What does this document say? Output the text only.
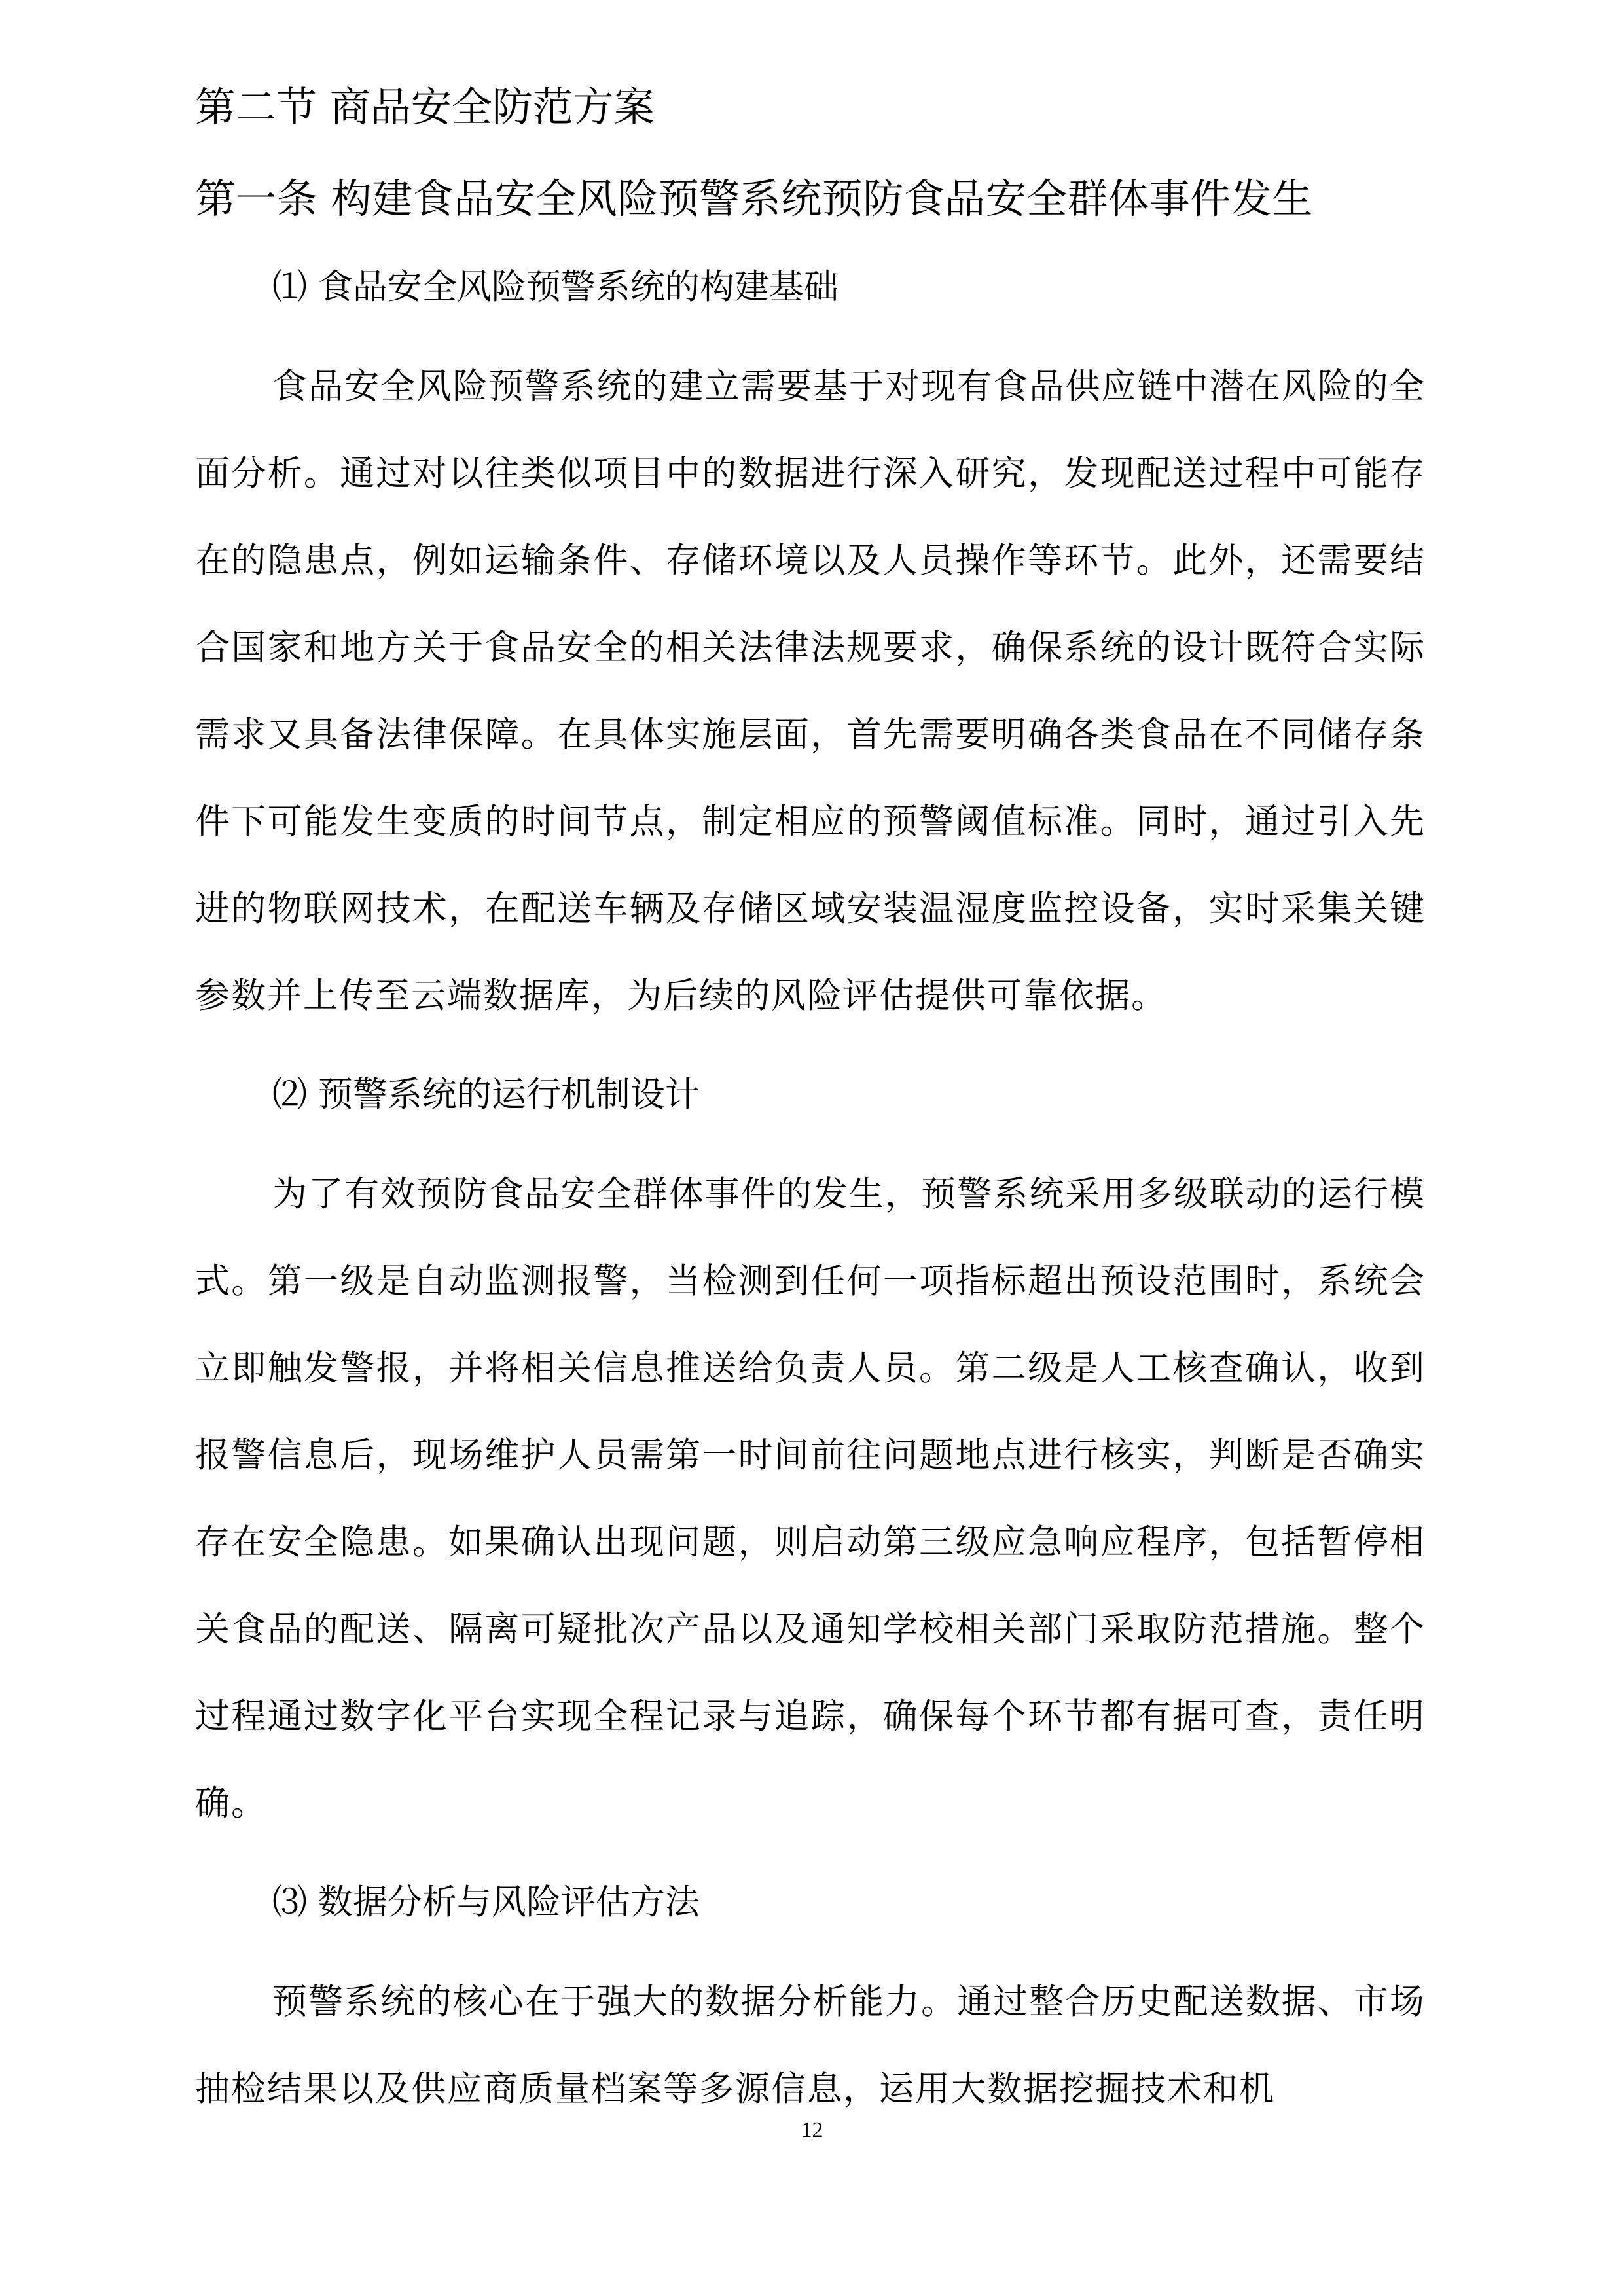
第二节 商品安全防范方案
第一条 构建食品安全风险预警系统预防食品安全群体事件发生
⑴ 食品安全风险预警系统的构建基础

食品安全风险预警系统的建立需要基于对现有食品供应链中潜在风险的全面分析。通过对以往类似项目中的数据进行深入研究，发现配送过程中可能存在的隐患点，例如运输条件、存储环境以及人员操作等环节。此外，还需要结合国家和地方关于食品安全的相关法律法规要求，确保系统的设计既符合实际需求又具备法律保障。在具体实施层面，首先需要明确各类食品在不同储存条件下可能发生变质的时间节点，制定相应的预警阈值标准。同时，通过引入先进的物联网技术，在配送车辆及存储区域安装温湿度监控设备，实时采集关键参数并上传至云端数据库，为后续的风险评估提供可靠依据。

⑵ 预警系统的运行机制设计

为了有效预防食品安全群体事件的发生，预警系统采用多级联动的运行模式。第一级是自动监测报警，当检测到任何一项指标超出预设范围时，系统会立即触发警报，并将相关信息推送给负责人员。第二级是人工核查确认，收到报警信息后，现场维护人员需第一时间前往问题地点进行核实，判断是否确实存在安全隐患。如果确认出现问题，则启动第三级应急响应程序，包括暂停相关食品的配送、隔离可疑批次产品以及通知学校相关部门采取防范措施。整个过程通过数字化平台实现全程记录与追踪，确保每个环节都有据可查，责任明确。

⑶ 数据分析与风险评估方法

预警系统的核心在于强大的数据分析能力。通过整合历史配送数据、市场抽检结果以及供应商质量档案等多源信息，运用大数据挖掘技术和机

12
